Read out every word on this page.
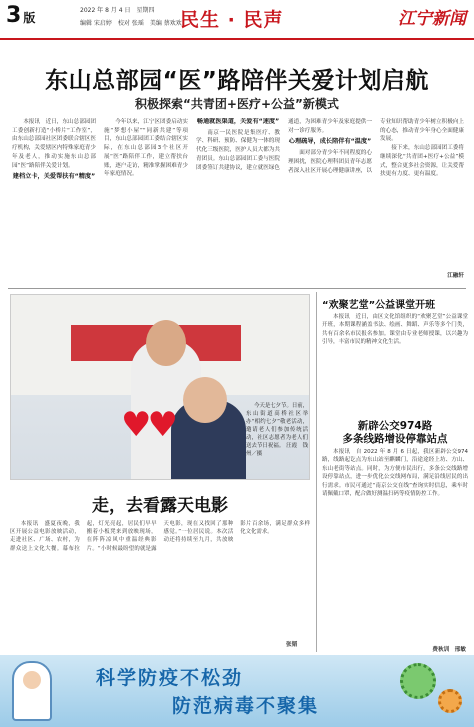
3 版
2022 年 8 月 4 日　星期四
编辑 宋启婷　校对 张瑶　美编 蔡欢欢
民生 · 民声	江宁新闻
东山总部园“医”路陪伴关爱计划启航
积极探索“共青团+医疗+公益”新模式

本报讯　近日，东山总部园团工委创新打造“小桥片“工作室”，由东山总部园社区团委联合辖区医疗机构，关爱辖区内特殊家庭青少年及老人，推动实施东山总部园“医”路陪伴关爱计划。

建档立卡，关爱帮扶有“精度”

今年以来，江宁区团委启动实施“梦想小屋”“同新共建”等项目，东山总部园团工委结合辖区实际，在东山总部园3个社区开展“医”路陪伴工作，建立帮扶台账，逐户走访，精准掌握困难青少年家庭情况。

畅通就医渠道，关爱有“速度”

南京一民医院是集医疗、教学、科研、预防、保健为一体的现代化三级医院，医护人员大都为共青团员。东山总部园团工委与医院团委签订共建协议，建立就医绿色通道，为困难青少年及家庭提供一对一诊疗服务。

心理疏导，成长陪伴有“温度”

面对部分青少年不同程度的心理困扰，医院心理科团员青年志愿者深入社区开展心理健康讲座，以专业知识帮助青少年树立积极向上的心态，推动青少年身心全面健康发展。

接下来，东山总部园团工委将继续深化“共青团+医疗+公益”模式，整合更多社会资源，让关爱帮扶更有力度、更有温度。

江融轩
♥♥	今天是七夕节。日前，东山街道高桥社区举办“相约七夕”敬老活动，邀请老人们参加传统活动，社区志愿者为老人们送去节日祝福。 汪霞　钱州／摄
“欢聚艺堂”公益课堂开班

本报讯　近日，由区文化馆组织的“欢聚艺堂”公益课堂开班，本期课程涵盖书法、绘画、舞蹈、声乐等多个门类，共有百余名市民报名参加。课堂由专业老师授课，以兴趣为引导，丰富市民的精神文化生活。

新辟公交974路
多条线路增设停靠站点

本报讯　自 2022 年 8 月 6 日起，我区新辟公交974路，线路起讫点为东山站至麒麟门，沿途途经上坊、方山、东山老街等站点。同时，为方便市民出行，多条公交线路增设停靠站点，进一步优化公交线网布局，满足沿线居民的出行需求。市民可通过“南京公交在线”查询实时信息，乘车时请佩戴口罩，配合做好测温扫码等疫情防控工作。

费秋训　邢敏
走，去看露天电影

本报讯　盛夏夜晚，我区开展公益电影放映活动，走进社区、广场、农村，为群众送上文化大餐。幕布拉起，灯光亮起，居民们早早搬着小板凳来到放映现场，在阵阵凉风中重温经典影片。“小时候最盼望的就是露天电影，现在又找回了那种感觉。”一位居民说。本次活动还将持续至九月，共放映影片百余场，满足群众多样化文化需求。

张韬
科学防疫不松劲
防范病毒不聚集
